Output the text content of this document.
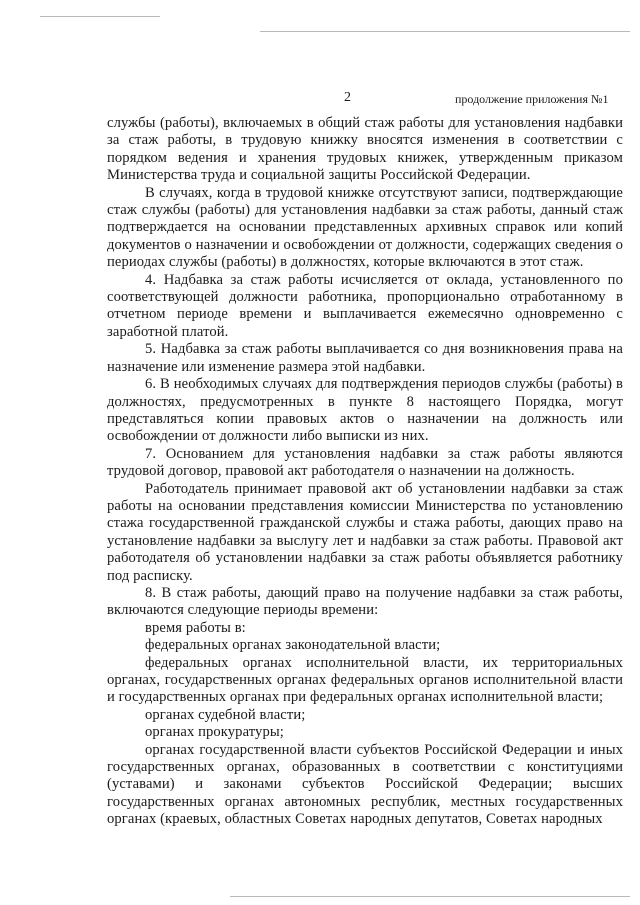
2	продолжение приложения №1

службы (работы), включаемых в общий стаж работы для установления надбавки за стаж работы, в трудовую книжку вносятся изменения в соответствии с порядком ведения и хранения трудовых книжек, утвержденным приказом Министерства труда и социальной защиты Российской Федерации.

В случаях, когда в трудовой книжке отсутствуют записи, подтверждающие стаж службы (работы) для установления надбавки за стаж работы, данный стаж подтверждается на основании представленных архивных справок или копий документов о назначении и освобождении от должности, содержащих сведения о периодах службы (работы) в должностях, которые включаются в этот стаж.

4. Надбавка за стаж работы исчисляется от оклада, установленного по соответствующей должности работника, пропорционально отработанному в отчетном периоде времени и выплачивается ежемесячно одновременно с заработной платой.

5. Надбавка за стаж работы выплачивается со дня возникновения права на назначение или изменение размера этой надбавки.

6. В необходимых случаях для подтверждения периодов службы (работы) в должностях, предусмотренных в пункте 8 настоящего Порядка, могут представляться копии правовых актов о назначении на должность или освобождении от должности либо выписки из них.

7. Основанием для установления надбавки за стаж работы являются трудовой договор, правовой акт работодателя о назначении на должность.

Работодатель принимает правовой акт об установлении надбавки за стаж работы на основании представления комиссии Министерства по установлению стажа государственной гражданской службы и стажа работы, дающих право на установление надбавки за выслугу лет и надбавки за стаж работы. Правовой акт работодателя об установлении надбавки за стаж работы объявляется работнику под расписку.

8. В стаж работы, дающий право на получение надбавки за стаж работы, включаются следующие периоды времени:

время работы в:

федеральных органах законодательной власти;

федеральных органах исполнительной власти, их территориальных органах, государственных органах федеральных органов исполнительной власти и государственных органах при федеральных органах исполнительной власти;

органах судебной власти;

органах прокуратуры;

органах государственной власти субъектов Российской Федерации и иных государственных органах, образованных в соответствии с конституциями (уставами) и законами субъектов Российской Федерации; высших государственных органах автономных республик, местных государственных органах (краевых, областных Советах народных депутатов, Советах народных
